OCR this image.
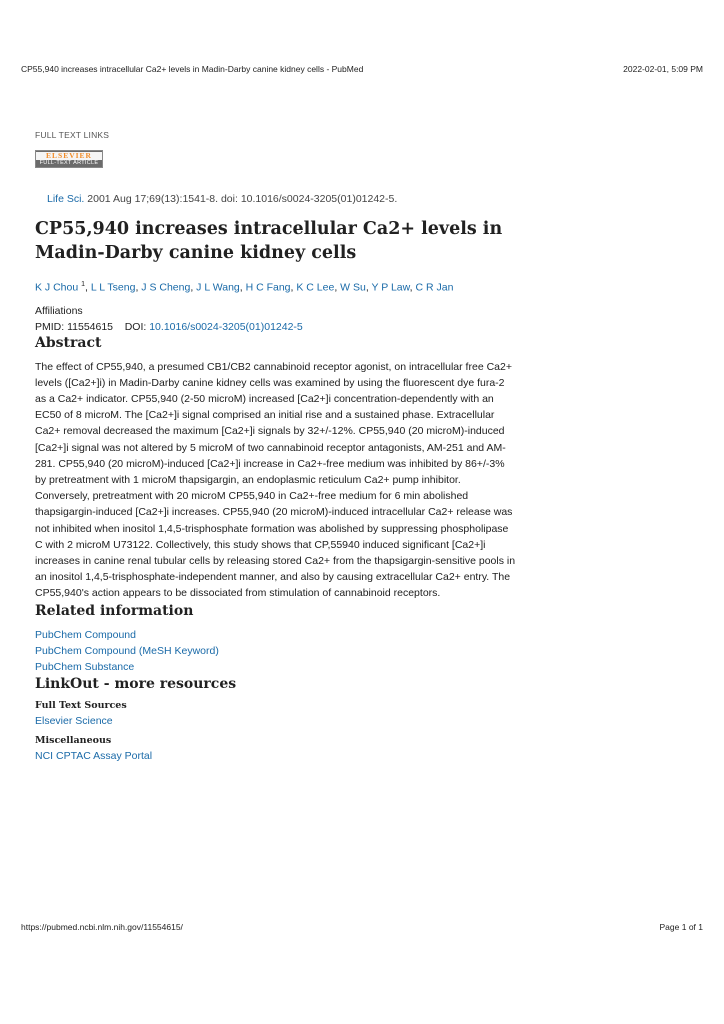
CP55,940 increases intracellular Ca2+ levels in Madin-Darby canine kidney cells - PubMed	2022-02-01, 5:09 PM
FULL TEXT LINKS
ELSEVIER
FULL-TEXT ARTICLE
Life Sci. 2001 Aug 17;69(13):1541-8. doi: 10.1016/s0024-3205(01)01242-5.
CP55,940 increases intracellular Ca2+ levels in Madin-Darby canine kidney cells
K J Chou $^1$, L L Tseng, J S Cheng, J L Wang, H C Fang, K C Lee, W Su, Y P Law, C R Jan
Affiliations
PMID: 11554615 DOI: 10.1016/s0024-3205(01)01242-5
Abstract
The effect of CP55,940, a presumed CB1/CB2 cannabinoid receptor agonist, on intracellular free Ca2+ levels ([Ca2+]i) in Madin-Darby canine kidney cells was examined by using the fluorescent dye fura-2 as a Ca2+ indicator. CP55,940 (2-50 microM) increased [Ca2+]i concentration-dependently with an EC50 of 8 microM. The [Ca2+]i signal comprised an initial rise and a sustained phase. Extracellular Ca2+ removal decreased the maximum [Ca2+]i signals by 32+/-12%. CP55,940 (20 microM)-induced [Ca2+]i signal was not altered by 5 microM of two cannabinoid receptor antagonists, AM-251 and AM-281. CP55,940 (20 microM)-induced [Ca2+]i increase in Ca2+-free medium was inhibited by 86+/-3% by pretreatment with 1 microM thapsigargin, an endoplasmic reticulum Ca2+ pump inhibitor. Conversely, pretreatment with 20 microM CP55,940 in Ca2+-free medium for 6 min abolished thapsigargin-induced [Ca2+]i increases. CP55,940 (20 microM)-induced intracellular Ca2+ release was not inhibited when inositol 1,4,5-trisphosphate formation was abolished by suppressing phospholipase C with 2 microM U73122. Collectively, this study shows that CP,55940 induced significant [Ca2+]i increases in canine renal tubular cells by releasing stored Ca2+ from the thapsigargin-sensitive pools in an inositol 1,4,5-trisphosphate-independent manner, and also by causing extracellular Ca2+ entry. The CP55,940's action appears to be dissociated from stimulation of cannabinoid receptors.
Related information
PubChem Compound
PubChem Compound (MeSH Keyword)
PubChem Substance
LinkOut - more resources
Full Text Sources
Elsevier Science
Miscellaneous
NCI CPTAC Assay Portal
https://pubmed.ncbi.nlm.nih.gov/11554615/	Page 1 of 1
